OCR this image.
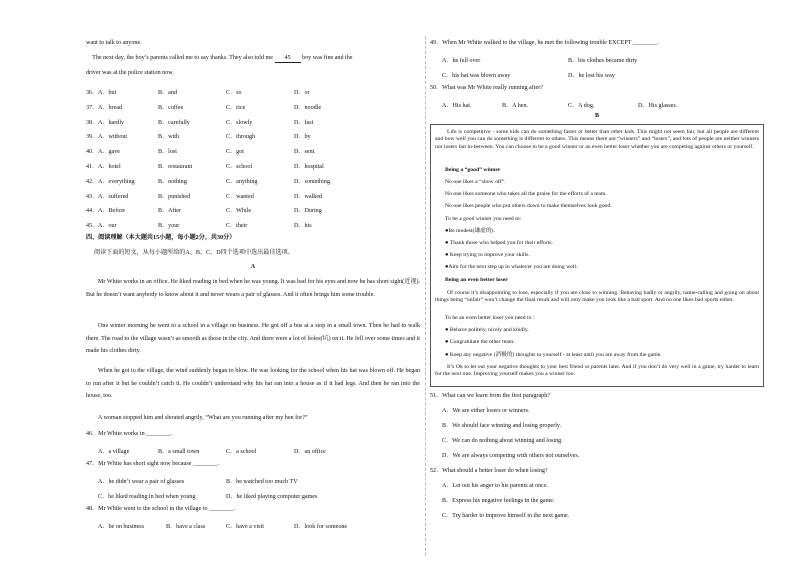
want to talk to anyone.
The next day, the boy’s parents called me to say thanks. They also told me 45 boy was fine and the
driver was at the police station now.
36． A．but	B．and	C．so	D．or
37． A．bread	B．coffee	C．rice	D．noodle
38． A．hardly	B．carefully	C．slowly	D．fast
39． A．without	B．with	C．through	D．by
40． A．gave	B．lost	C．got	D．sent
41． A．hotel	B．restaurant	C．school	D．hospital
42． A．everything	B．nothing	C．anything	D．something
43． A．suffered	B．punished	C．wanted	D．walked
44． A．Before	B．After	C．While	D．During
45． A．our	B．your	C．their	D．his
四、阅读理解（本大题共15小题，每小题2分，共30分）
阅读下面的短文，从每小题所给的A、B、C、D四个选项中选出最佳选项。
A
Mr White works in an office. He liked reading in bed when he was young. It was bad for his eyes and now he has short sight(近视). But he doesn’t want anybody to know about it and never wears a pair of glasses. And it often brings him some trouble.
One winter morning he went to a school in a village on business. He got off a bus at a stop in a small town. Then he had to walk there. The road to the village wasn’t as smooth as those in the city. And there were a lot of holes(坑) on it. He fell over some times and it made his clothes dirty.
When he got to the village, the wind suddenly began to blow. He was looking for the school when his hat was blown off. He began to run after it but he couldn’t catch it. He couldn’t understand why his hat ran into a house as if it had legs. And then he ran into the house, too.
A woman stopped him and shouted angrily, “What are you running after my hen for?”
46．Mr White works in ________.
A．a village	B．a small town	C．a school	D．an office
47．Mr White has short sight now because ________.
A．he didn’t wear a pair of glasses	B．he watched too much TV
C．he liked reading in bed when young	D．he liked playing computer games
48．Mr White went to the school in the village to ________.
A．be on business	B．have a class	C．have a visit	D．look for someone
49．When Mr White walked to the village, he met the following trouble EXCEPT ________.
A．he fell over	B．his clothes became dirty
C．his hat was blown away	D．he lost his way
50．What was Mr White really running after?
A．His hat.	B．A hen.	C．A dog.	D．His glasses.
B
Life is competitive - some kids can do something faster or better than other kids. This might not seem fair, but all people are different and how well you can do something is different to others. This means there are “winners” and “losers”, and lots of people are neither winners nor losers but in-between. You can choose to be a good winner or an even better loser whether you are competing against others or yourself.
Being a “good” winner
No one likes a “show off”.
No one likes someone who takes all the praise for the efforts of a team.
No one likes people who put others down to make themselves look good.
To be a good winner you need to:
●Be modest(谦虚的).
● Thank those who helped you for their efforts.
● Keep trying to improve your skills.
●Aim for the next step up in whatever you are doing well.
Being an even better loser
Of course it’s disappointing to lose, especially if you are close to winning. Behaving badly or angrily, name-calling and going on about things being “unfair” won’t change the final result and will only make you look like a bad sport. And no one likes bad sports either.
To be an even better loser you need to :
● Behave politely, nicely and kindly.
● Congratulate the other team.
● Keep any negative (消极的) thoughts to yourself - at least until you are away from the game.
It’s Ok to let out your negative thoughts to your best friend or parents later. And if you don’t do very well in a game, try harder to learn for the next one. Improving yourself makes you a winner too.
51．What can we learn from the first paragraph?
A．We are either losers or winners.
B．We should face winning and losing properly.
C．We can do nothing about winning and losing.
D．We are always competing with others not ourselves.
52．What should a better loser do when losing?
A．Let out his anger to his parents at once.
B．Express his negative feelings in the game.
C．Try harder to improve himself in the next game.
